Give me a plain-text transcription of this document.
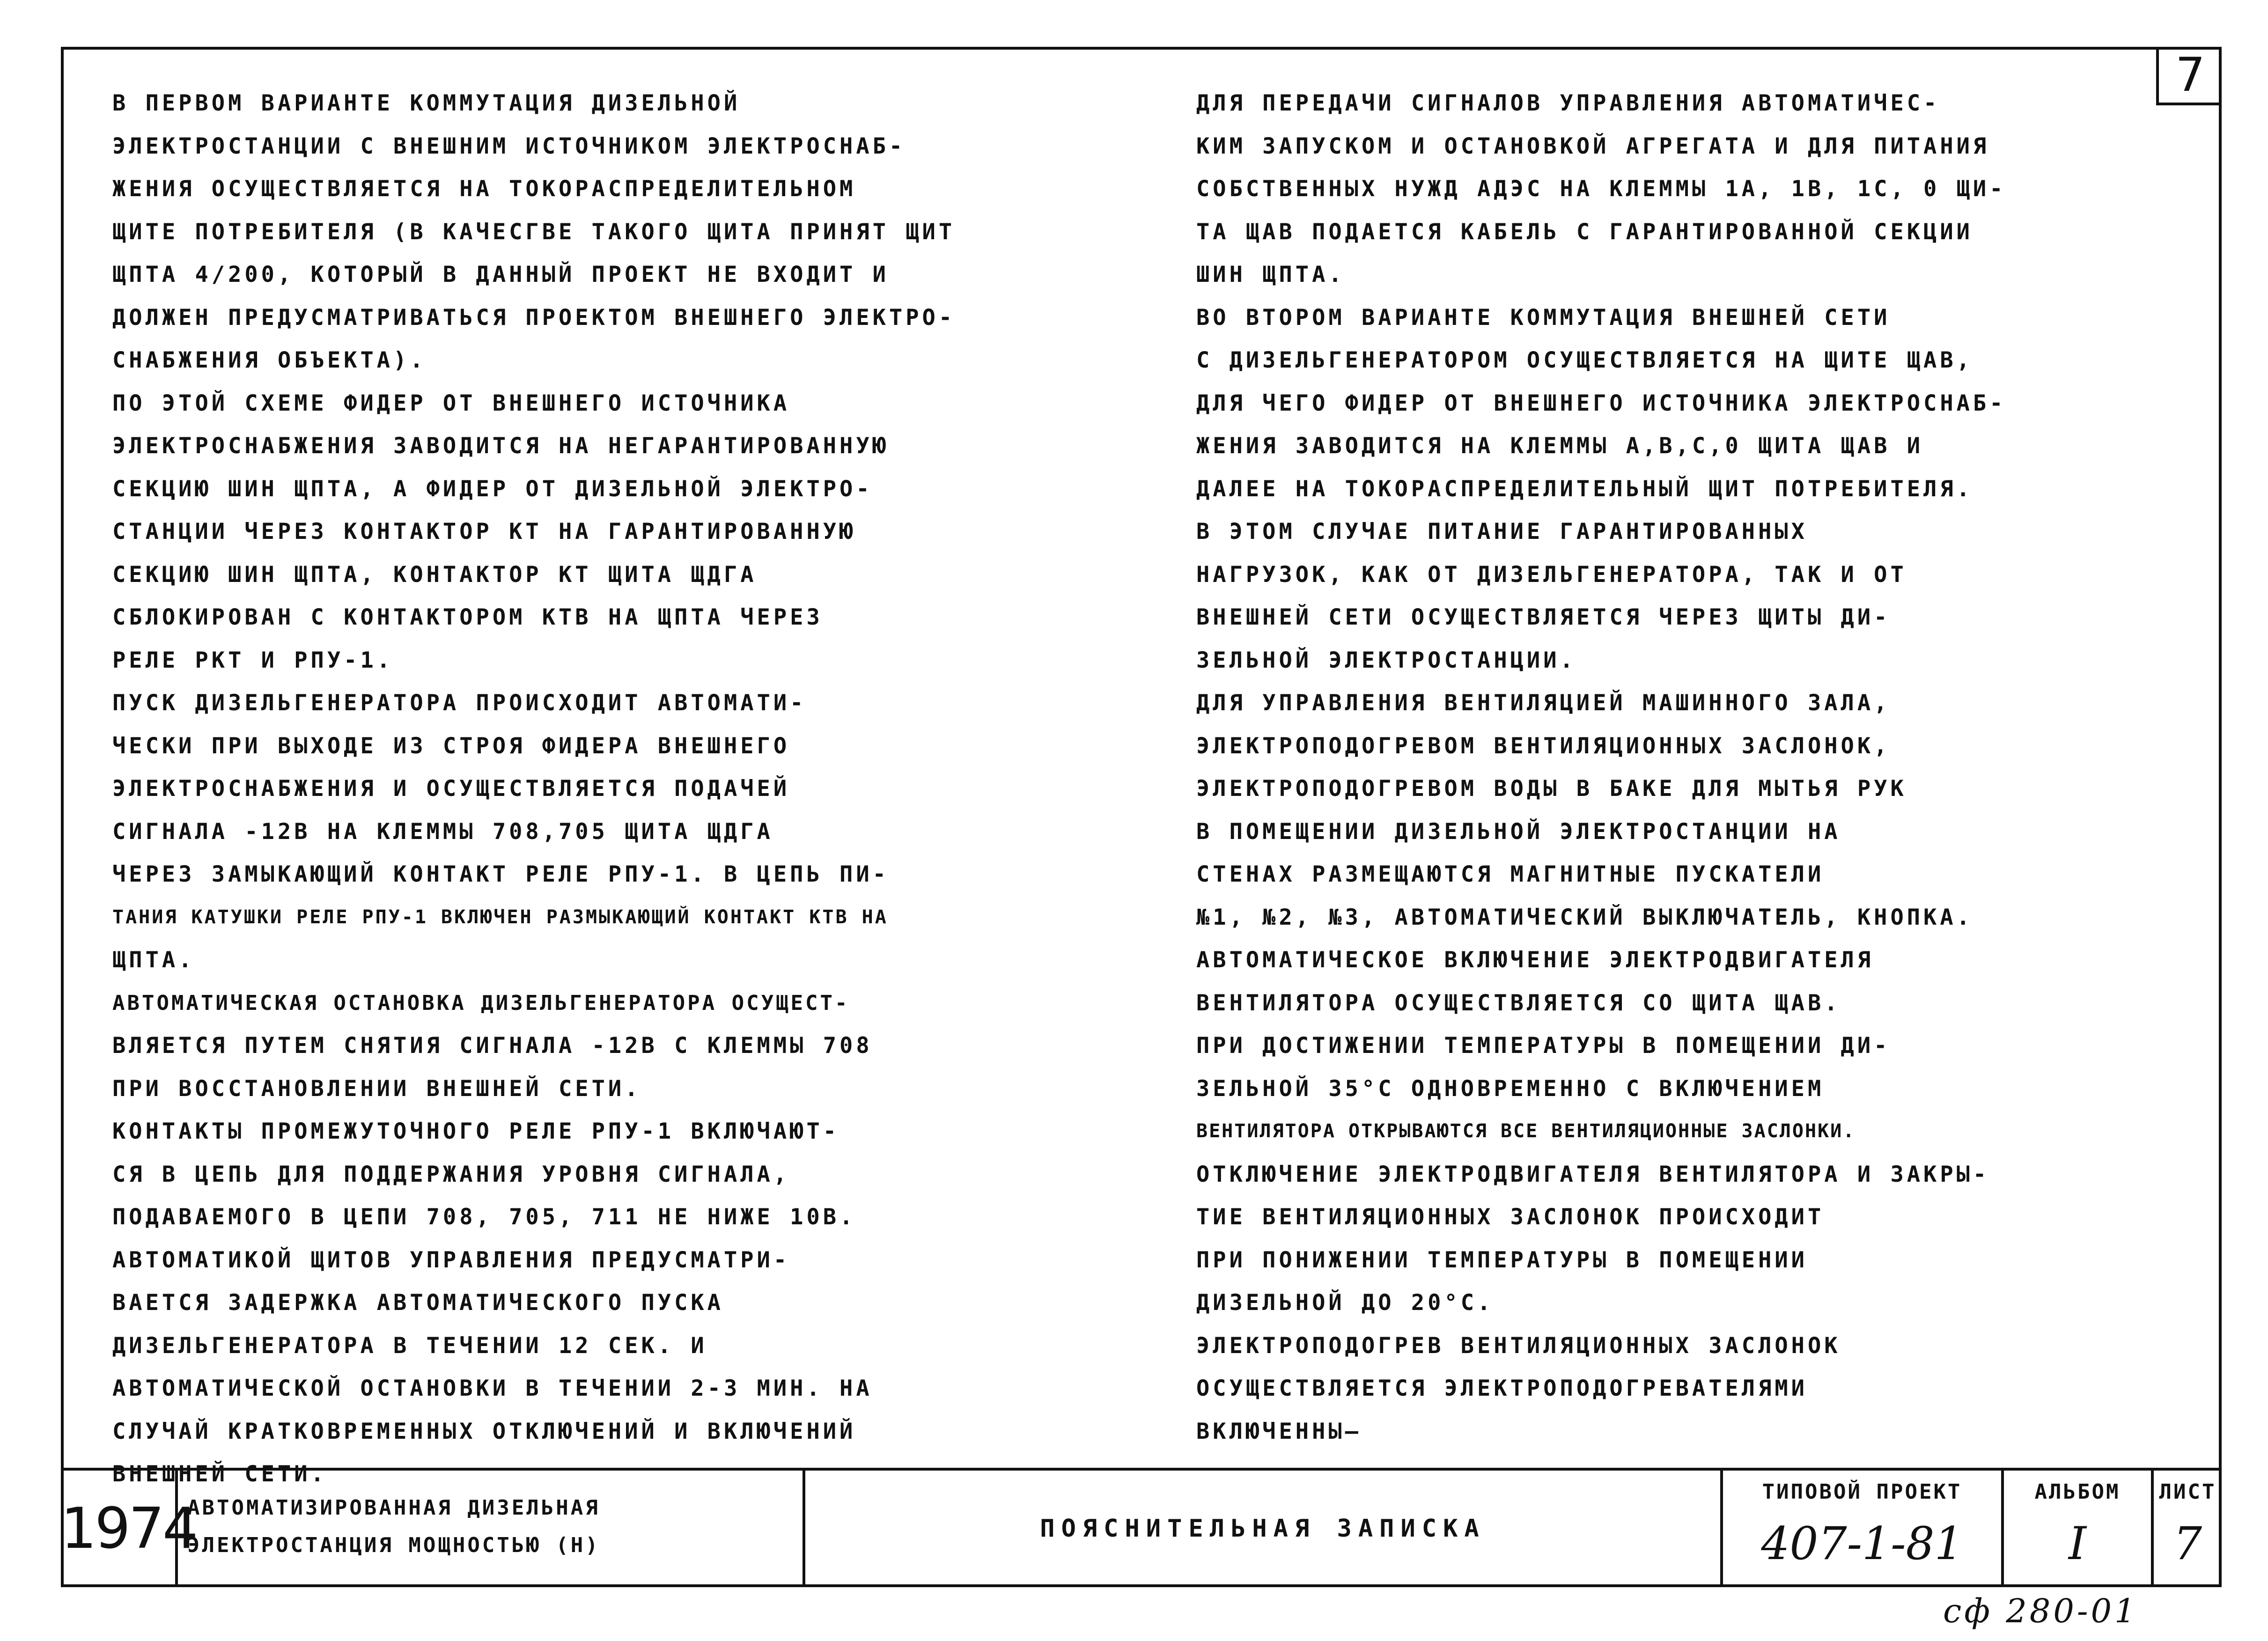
7
В ПЕРВОМ ВАРИАНТЕ КОММУТАЦИЯ ДИЗЕЛЬНОЙ
ЭЛЕКТРОСТАНЦИИ С ВНЕШНИМ ИСТОЧНИКОМ ЭЛЕКТРОСНАБ-
ЖЕНИЯ ОСУЩЕСТВЛЯЕТСЯ НА ТОКОРАСПРЕДЕЛИТЕЛЬНОМ
ЩИТЕ ПОТРЕБИТЕЛЯ (В КАЧЕСГВЕ ТАКОГО ЩИТА ПРИНЯТ ЩИТ
ЩПТА 4/200, КОТОРЫЙ В ДАННЫЙ ПРОЕКТ НЕ ВХОДИТ И
ДОЛЖЕН ПРЕДУСМАТРИВАТЬСЯ ПРОЕКТОМ ВНЕШНЕГО ЭЛЕКТРО-
СНАБЖЕНИЯ ОБЪЕКТА).
ПО ЭТОЙ СХЕМЕ ФИДЕР ОТ ВНЕШНЕГО ИСТОЧНИКА
ЭЛЕКТРОСНАБЖЕНИЯ ЗАВОДИТСЯ НА НЕГАРАНТИРОВАННУЮ
СЕКЦИЮ ШИН ЩПТА, А ФИДЕР ОТ ДИЗЕЛЬНОЙ ЭЛЕКТРО-
СТАНЦИИ ЧЕРЕЗ КОНТАКТОР КТ НА ГАРАНТИРОВАННУЮ
СЕКЦИЮ ШИН ЩПТА, КОНТАКТОР КТ ЩИТА ЩДГА
СБЛОКИРОВАН С КОНТАКТОРОМ КТВ НА ЩПТА ЧЕРЕЗ
РЕЛЕ РКТ И РПУ-1.
ПУСК ДИЗЕЛЬГЕНЕРАТОРА ПРОИСХОДИТ АВТОМАТИ-
ЧЕСКИ ПРИ ВЫХОДЕ ИЗ СТРОЯ ФИДЕРА ВНЕШНЕГО
ЭЛЕКТРОСНАБЖЕНИЯ И ОСУЩЕСТВЛЯЕТСЯ ПОДАЧЕЙ
СИГНАЛА -12В НА КЛЕММЫ 708,705 ЩИТА ЩДГА
ЧЕРЕЗ ЗАМЫКАЮЩИЙ КОНТАКТ РЕЛЕ РПУ-1. В ЦЕПЬ ПИ-
ТАНИЯ КАТУШКИ РЕЛЕ РПУ-1 ВКЛЮЧЕН РАЗМЫКАЮЩИЙ КОНТАКТ КТВ НА
ЩПТА.
АВТОМАТИЧЕСКАЯ ОСТАНОВКА ДИЗЕЛЬГЕНЕРАТОРА ОСУЩЕСТ-
ВЛЯЕТСЯ ПУТЕМ СНЯТИЯ СИГНАЛА -12В С КЛЕММЫ 708
ПРИ ВОССТАНОВЛЕНИИ ВНЕШНЕЙ СЕТИ.
КОНТАКТЫ ПРОМЕЖУТОЧНОГО РЕЛЕ РПУ-1 ВКЛЮЧАЮТ-
СЯ В ЦЕПЬ ДЛЯ ПОДДЕРЖАНИЯ УРОВНЯ СИГНАЛА,
ПОДАВАЕМОГО В ЦЕПИ 708, 705, 711 НЕ НИЖЕ 10В.
АВТОМАТИКОЙ ЩИТОВ УПРАВЛЕНИЯ ПРЕДУСМАТРИ-
ВАЕТСЯ ЗАДЕРЖКА АВТОМАТИЧЕСКОГО ПУСКА
ДИЗЕЛЬГЕНЕРАТОРА В ТЕЧЕНИИ 12 СЕК. И
АВТОМАТИЧЕСКОЙ ОСТАНОВКИ В ТЕЧЕНИИ 2-3 МИН. НА
СЛУЧАЙ КРАТКОВРЕМЕННЫХ ОТКЛЮЧЕНИЙ И ВКЛЮЧЕНИЙ
ВНЕШНЕЙ СЕТИ.
ДЛЯ ПЕРЕДАЧИ СИГНАЛОВ УПРАВЛЕНИЯ АВТОМАТИЧЕС-
КИМ ЗАПУСКОМ И ОСТАНОВКОЙ АГРЕГАТА И ДЛЯ ПИТАНИЯ
СОБСТВЕННЫХ НУЖД АДЭС НА КЛЕММЫ 1А, 1В, 1С, 0 ЩИ-
ТА ЩАВ ПОДАЕТСЯ КАБЕЛЬ С ГАРАНТИРОВАННОЙ СЕКЦИИ
ШИН ЩПТА.
ВО ВТОРОМ ВАРИАНТЕ КОММУТАЦИЯ ВНЕШНЕЙ СЕТИ
С ДИЗЕЛЬГЕНЕРАТОРОМ ОСУЩЕСТВЛЯЕТСЯ НА ЩИТЕ ЩАВ,
ДЛЯ ЧЕГО ФИДЕР ОТ ВНЕШНЕГО ИСТОЧНИКА ЭЛЕКТРОСНАБ-
ЖЕНИЯ ЗАВОДИТСЯ НА КЛЕММЫ А,В,С,0 ЩИТА ЩАВ И
ДАЛЕЕ НА ТОКОРАСПРЕДЕЛИТЕЛЬНЫЙ ЩИТ ПОТРЕБИТЕЛЯ.
В ЭТОМ СЛУЧАЕ ПИТАНИЕ ГАРАНТИРОВАННЫХ
НАГРУЗОК, КАК ОТ ДИЗЕЛЬГЕНЕРАТОРА, ТАК И ОТ
ВНЕШНЕЙ СЕТИ ОСУЩЕСТВЛЯЕТСЯ ЧЕРЕЗ ЩИТЫ ДИ-
ЗЕЛЬНОЙ ЭЛЕКТРОСТАНЦИИ.
ДЛЯ УПРАВЛЕНИЯ ВЕНТИЛЯЦИЕЙ МАШИННОГО ЗАЛА,
ЭЛЕКТРОПОДОГРЕВОМ ВЕНТИЛЯЦИОННЫХ ЗАСЛОНОК,
ЭЛЕКТРОПОДОГРЕВОМ ВОДЫ В БАКЕ ДЛЯ МЫТЬЯ РУК
В ПОМЕЩЕНИИ ДИЗЕЛЬНОЙ ЭЛЕКТРОСТАНЦИИ НА
СТЕНАХ РАЗМЕЩАЮТСЯ МАГНИТНЫЕ ПУСКАТЕЛИ
№1, №2, №3, АВТОМАТИЧЕСКИЙ ВЫКЛЮЧАТЕЛЬ, КНОПКА.
АВТОМАТИЧЕСКОЕ ВКЛЮЧЕНИЕ ЭЛЕКТРОДВИГАТЕЛЯ
ВЕНТИЛЯТОРА ОСУЩЕСТВЛЯЕТСЯ СО ЩИТА ЩАВ.
ПРИ ДОСТИЖЕНИИ ТЕМПЕРАТУРЫ В ПОМЕЩЕНИИ ДИ-
ЗЕЛЬНОЙ 35°С ОДНОВРЕМЕННО С ВКЛЮЧЕНИЕМ
ВЕНТИЛЯТОРА ОТКРЫВАЮТСЯ ВСЕ ВЕНТИЛЯЦИОННЫЕ ЗАСЛОНКИ.
ОТКЛЮЧЕНИЕ ЭЛЕКТРОДВИГАТЕЛЯ ВЕНТИЛЯТОРА И ЗАКРЫ-
ТИЕ ВЕНТИЛЯЦИОННЫХ ЗАСЛОНОК ПРОИСХОДИТ
ПРИ ПОНИЖЕНИИ ТЕМПЕРАТУРЫ В ПОМЕЩЕНИИ
ДИЗЕЛЬНОЙ ДО 20°С.
ЭЛЕКТРОПОДОГРЕВ ВЕНТИЛЯЦИОННЫХ ЗАСЛОНОК
ОСУЩЕСТВЛЯЕТСЯ ЭЛЕКТРОПОДОГРЕВАТЕЛЯМИ
ВКЛЮЧЕННЫ—
1974
АВТОМАТИЗИРОВАННАЯ ДИЗЕЛЬНАЯ
ЭЛЕКТРОСТАНЦИЯ МОЩНОСТЬЮ (Н)
ПОЯСНИТЕЛЬНАЯ ЗАПИСКА
ТИПОВОЙ ПРОЕКТ
407-1-81
АЛЬБОМ
I
ЛИСТ
7
сф 280-01
